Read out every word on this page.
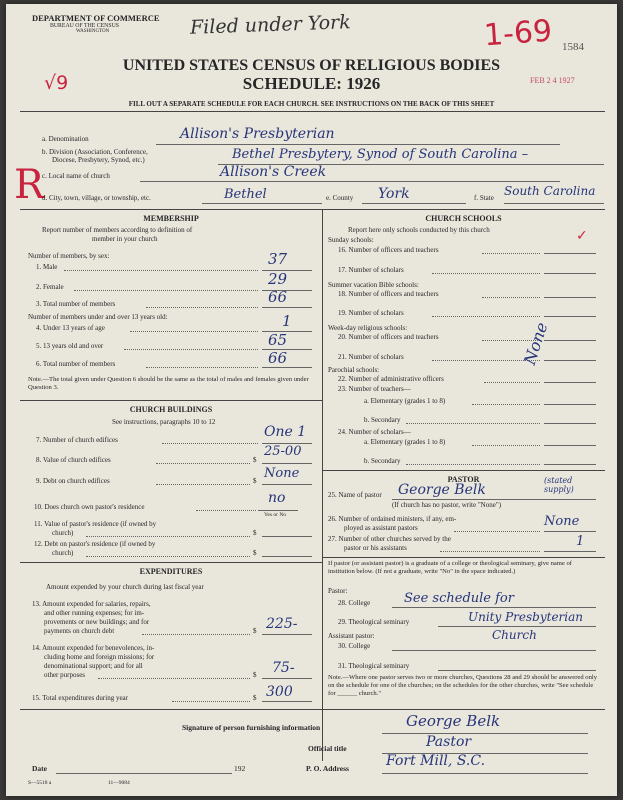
DEPARTMENT OF COMMERCE
BUREAU OF THE CENSUS
WASHINGTON	Filed under York	1-69 1584
UNITED STATES CENSUS OF RELIGIOUS BODIES
SCHEDULE: 1926
√9	FEB 2 4 1927
FILL OUT A SEPARATE SCHEDULE FOR EACH CHURCH. SEE INSTRUCTIONS ON THE BACK OF THIS SHEET
R
a. Denomination	Allison's Presbyterian
b. Division (Association, Conference,
Diocese, Presbytery, Synod, etc.)	Bethel Presbytery, Synod of South Carolina –
c. Local name of church	Allison's Creek
d. City, town, village, or township, etc.	Bethel	e. County York	f. State South Carolina
MEMBERSHIP
Report number of members according to definition of
member in your church
Number of members, by sex:
1. Male	37
2. Female	29
3. Total number of members	66
Number of members under and over 13 years old:
4. Under 13 years of age	1
5. 13 years old and over	65
6. Total number of members	66
Note.—The total given under Question 6 should be the same as the total of males and females given under Question 3.
CHURCH BUILDINGS
See instructions, paragraphs 10 to 12
7. Number of church edifices	One 1
8. Value of church edifices	$
25-00
9. Debt on church edifices	$ None
10. Does church own pastor's residence
no
Yes or No
11. Value of pastor's residence (if owned by
church)	$
12. Debt on pastor's residence (if owned by
church)	$
EXPENDITURES
Amount expended by your church during last fiscal year
13. Amount expended for salaries, repairs,
and other running expenses; for im-
provements or new buildings; and for
payments on church debt	$ 225-
14. Amount expended for benevolences, in-
cluding home and foreign missions; for
denominational support; and for all
other purposes	$ 75-
15. Total expenditures during year	$ 300
CHURCH SCHOOLS
Report here only schools conducted by this church	✓
Sunday schools:
16. Number of officers and teachers
17. Number of scholars
Summer vacation Bible schools:
18. Number of officers and teachers
19. Number of scholars
Week-day religious schools:
20. Number of officers and teachers
21. Number of scholars	None
Parochial schools:
22. Number of administrative officers
23. Number of teachers—
a. Elementary (grades 1 to 8)
b. Secondary
24. Number of scholars—
a. Elementary (grades 1 to 8)
b. Secondary
PASTOR
25. Name of pastor George Belk
(stated supply)
(If church has no pastor, write "None")
26. Number of ordained ministers, if any, em-
ployed as assistant pastors	None
27. Number of other churches served by the
pastor or his assistants	1
If pastor (or assistant pastor) is a graduate of a college or theological seminary, give name of institution below. (If not a graduate, write "No" in the space indicated.)
Pastor:
28. College	See schedule for
29. Theological seminary	Unity Presbyterian
Church
Assistant pastor:
30. College
31. Theological seminary
Note.—Where one pastor serves two or more churches, Questions 28 and 29 should be answered only on the schedule for one of the churches; on the schedules for the other churches, write "See schedule for ______ church."
Signature of person furnishing information	George Belk
Official title	Pastor
Date	192	P. O. Address	Fort Mill, S.C.
S—5518 a	11—9084
